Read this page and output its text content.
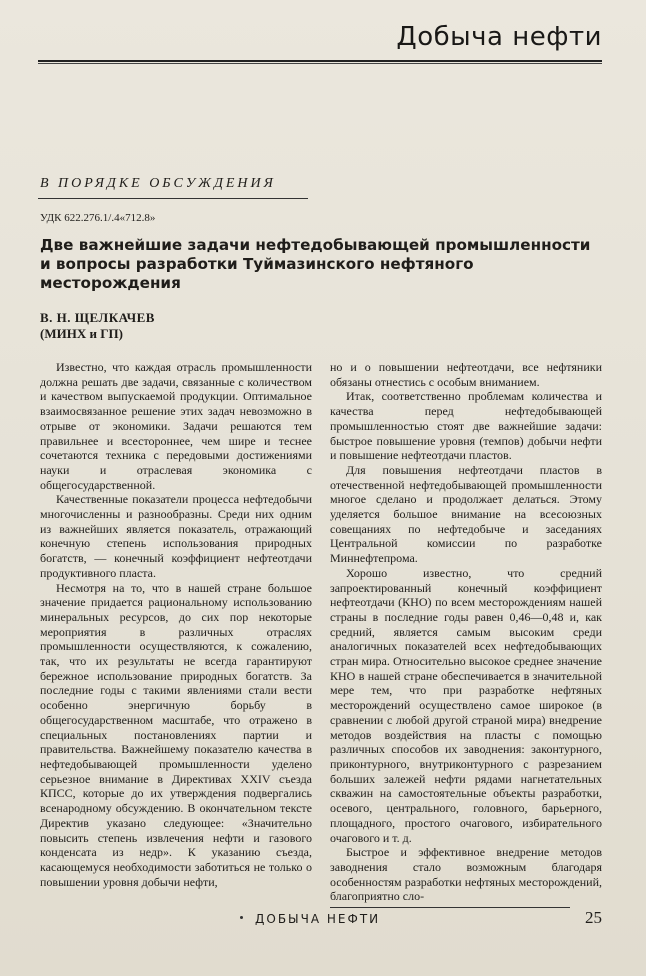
Добыча нефти
В ПОРЯДКЕ ОБСУЖДЕНИЯ
УДК 622.276.1/.4«712.8»
Две важнейшие задачи нефтедобывающей промышленности и вопросы разработки Туймазинского нефтяного месторождения
В. Н. ЩЕЛКАЧЕВ
(МИНХ и ГП)

Известно, что каждая отрасль промышленности должна решать две задачи, связанные с количеством и качеством выпускаемой продукции. Оптимальное взаимосвязанное решение этих задач невозможно в отрыве от экономики. Задачи решаются тем правильнее и всестороннее, чем шире и теснее сочетаются техника с передовыми достижениями науки и отраслевая экономика с общегосударственной.

Качественные показатели процесса нефтедобычи многочисленны и разнообразны. Среди них одним из важнейших является показатель, отражающий конечную степень использования природных богатств, — конечный коэффициент нефтеотдачи продуктивного пласта.

Несмотря на то, что в нашей стране большое значение придается рациональному использованию минеральных ресурсов, до сих пор некоторые мероприятия в различных отраслях промышленности осуществляются, к сожалению, так, что их результаты не всегда гарантируют бережное использование природных богатств. За последние годы с такими явлениями стали вести особенно энергичную борьбу в общегосударственном масштабе, что отражено в специальных постановлениях партии и правительства. Важнейшему показателю качества в нефтедобывающей промышленности уделено серьезное внимание в Директивах XXIV съезда КПСС, которые до их утверждения подвергались всенародному обсуждению. В окончательном тексте Директив указано следующее: «Значительно повысить степень извлечения нефти и газового конденсата из недр». К указанию съезда, касающемуся необходимости заботиться не только о повышении уровня добычи нефти,

но и о повышении нефтеотдачи, все нефтяники обязаны отнестись с особым вниманием.

Итак, соответственно проблемам количества и качества перед нефтедобывающей промышленностью стоят две важнейшие задачи: быстрое повышение уровня (темпов) добычи нефти и повышение нефтеотдачи пластов.

Для повышения нефтеотдачи пластов в отечественной нефтедобывающей промышленности многое сделано и продолжает делаться. Этому уделяется большое внимание на всесоюзных совещаниях по нефтедобыче и заседаниях Центральной комиссии по разработке Миннефтепрома.

Хорошо известно, что средний запроектированный конечный коэффициент нефтеотдачи (КНО) по всем месторождениям нашей страны в последние годы равен 0,46—0,48 и, как средний, является самым высоким среди аналогичных показателей всех нефтедобывающих стран мира. Относительно высокое среднее значение КНО в нашей стране обеспечивается в значительной мере тем, что при разработке нефтяных месторождений осуществлено самое широкое (в сравнении с любой другой страной мира) внедрение методов воздействия на пласты с помощью различных способов их заводнения: законтурного, приконтурного, внутриконтурного с разрезанием больших залежей нефти рядами нагнетательных скважин на самостоятельные объекты разработки, осевого, центрального, головного, барьерного, площадного, простого очагового, избирательного очагового и т. д.

Быстрое и эффективное внедрение методов заводнения стало возможным благодаря особенностям разработки нефтяных месторождений, благоприятно сло-

ДОБЫЧА НЕФТИ	25
